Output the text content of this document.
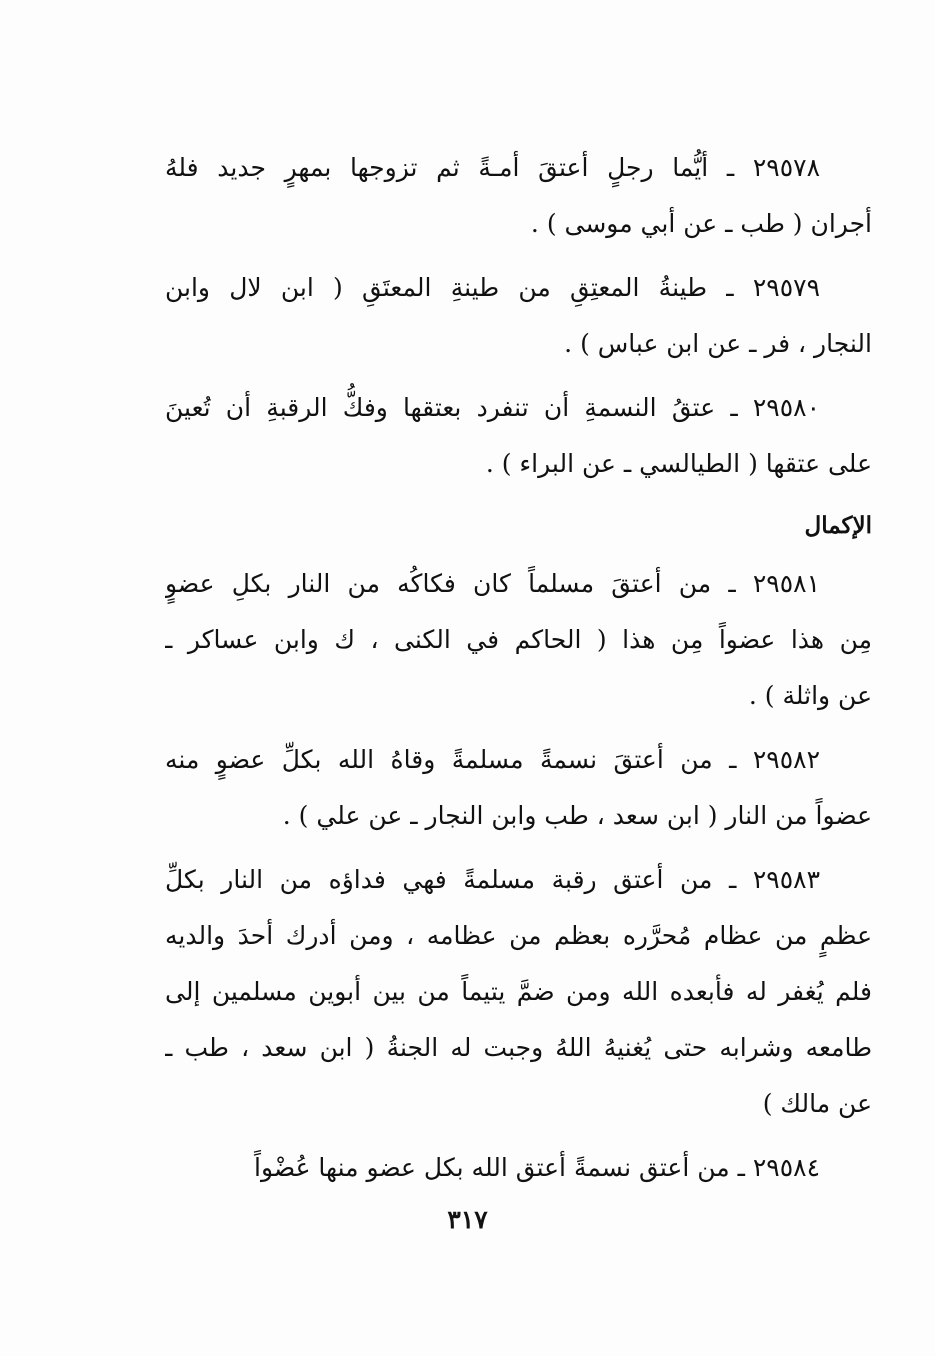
٢٩٥٧٨ ـ أيُّما رجلٍ أعتقَ أمـةً ثم تزوجها بمهرٍ جديد فلهُ
أجران ( طب ـ عن أبي موسى ) .
٢٩٥٧٩ ـ طينةُ المعتِقِ من طينةِ المعتَقِ ( ابن لال وابن
النجار ، فر ـ عن ابن عباس ) .
٢٩٥٨٠ ـ عتقُ النسمةِ أن تنفرد بعتقها وفكُّ الرقبةِ أن تُعينَ
على عتقها ( الطيالسي ـ عن البراء ) .
الإكمال
٢٩٥٨١ ـ من أعتقَ مسلماً كان فكاكُه من النار بكلِ عضوٍ
مِن هذا عضواً مِن هذا ( الحاكم في الكنى ، ك وابن عساكر ـ
عن واثلة ) .
٢٩٥٨٢ ـ من أعتقَ نسمةً مسلمةً وقاهُ الله بكلِّ عضوٍ منه
عضواً من النار ( ابن سعد ، طب وابن النجار ـ عن علي ) .
٢٩٥٨٣ ـ من أعتق رقبة مسلمةً فهي فداؤه من النار بكلِّ
عظمٍ من عظام مُحرَّره بعظم من عظامه ، ومن أدرك أحدَ والديه
فلم يُغفر له فأبعده الله ومن ضمَّ يتيماً من بين أبوين مسلمين إلى
طامعه وشرابه حتى يُغنيهُ اللهُ وجبت له الجنةُ ( ابن سعد ، طب ـ
عن مالك )
٢٩٥٨٤ ـ من أعتق نسمةً أعتق الله بكل عضو منها عُضْواً
٣١٧
